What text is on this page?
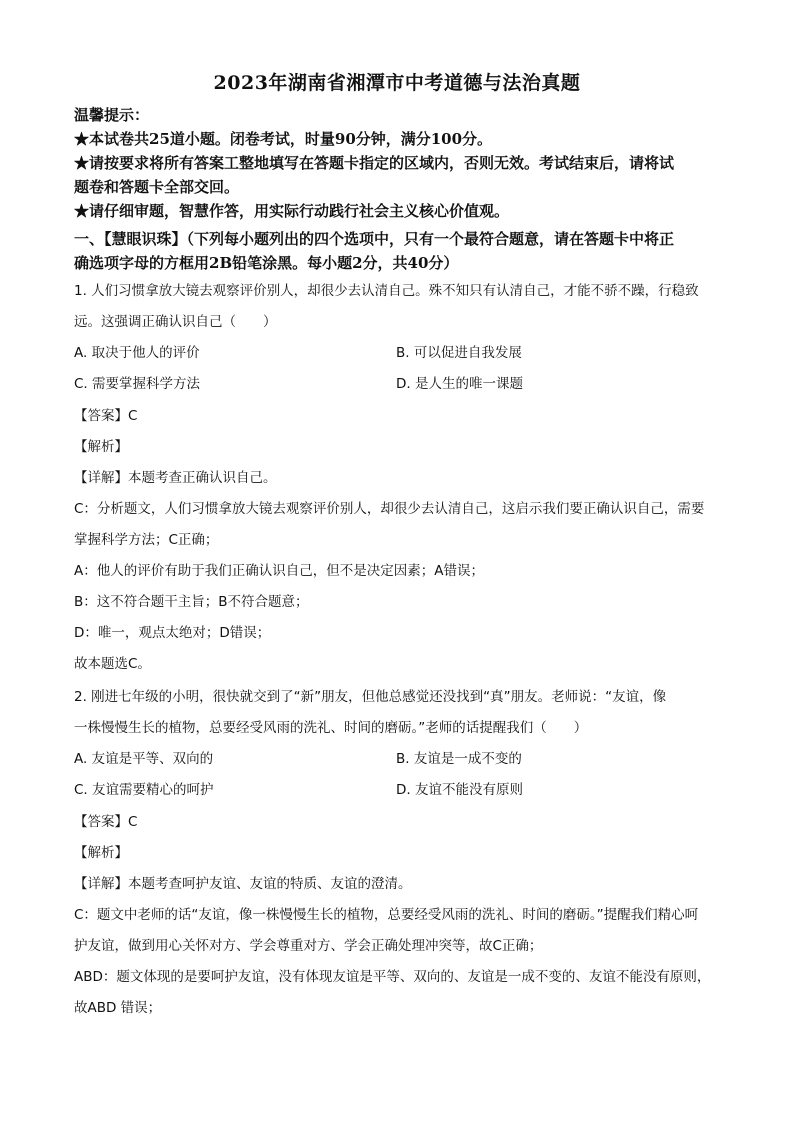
2023年湖南省湘潭市中考道德与法治真题
温馨提示：
★本试卷共25道小题。闭卷考试，时量90分钟，满分100分。
★请按要求将所有答案工整地填写在答题卡指定的区域内，否则无效。考试结束后，请将试
题卷和答题卡全部交回。
★请仔细审题，智慧作答，用实际行动践行社会主义核心价值观。
一、【慧眼识珠】（下列每小题列出的四个选项中，只有一个最符合题意，请在答题卡中将正
确选项字母的方框用2B铅笔涂黑。每小题2分，共40分）
1. 人们习惯拿放大镜去观察评价别人，却很少去认清自己。殊不知只有认清自己，才能不骄不躁，行稳致
远。这强调正确认识自己（　　）
A. 取决于他人的评价	B. 可以促进自我发展
C. 需要掌握科学方法	D. 是人生的唯一课题
【答案】C
【解析】
【详解】本题考查正确认识自己。
C：分析题文，人们习惯拿放大镜去观察评价别人，却很少去认清自己，这启示我们要正确认识自己，需要
掌握科学方法；C正确；
A：他人的评价有助于我们正确认识自己，但不是决定因素；A错误；
B：这不符合题干主旨；B不符合题意；
D：唯一，观点太绝对；D错误；
故本题选C。
2. 刚进七年级的小明，很快就交到了“新”朋友，但他总感觉还没找到“真”朋友。老师说：“友谊，像
一株慢慢生长的植物，总要经受风雨的洗礼、时间的磨砺。”老师的话提醒我们（　　）
A. 友谊是平等、双向的	B. 友谊是一成不变的
C. 友谊需要精心的呵护	D. 友谊不能没有原则
【答案】C
【解析】
【详解】本题考查呵护友谊、友谊的特质、友谊的澄清。
C：题文中老师的话“友谊，像一株慢慢生长的植物，总要经受风雨的洗礼、时间的磨砺。”提醒我们精心呵
护友谊，做到用心关怀对方、学会尊重对方、学会正确处理冲突等，故C正确；
ABD：题文体现的是要呵护友谊，没有体现友谊是平等、双向的、友谊是一成不变的、友谊不能没有原则，
故ABD 错误；
